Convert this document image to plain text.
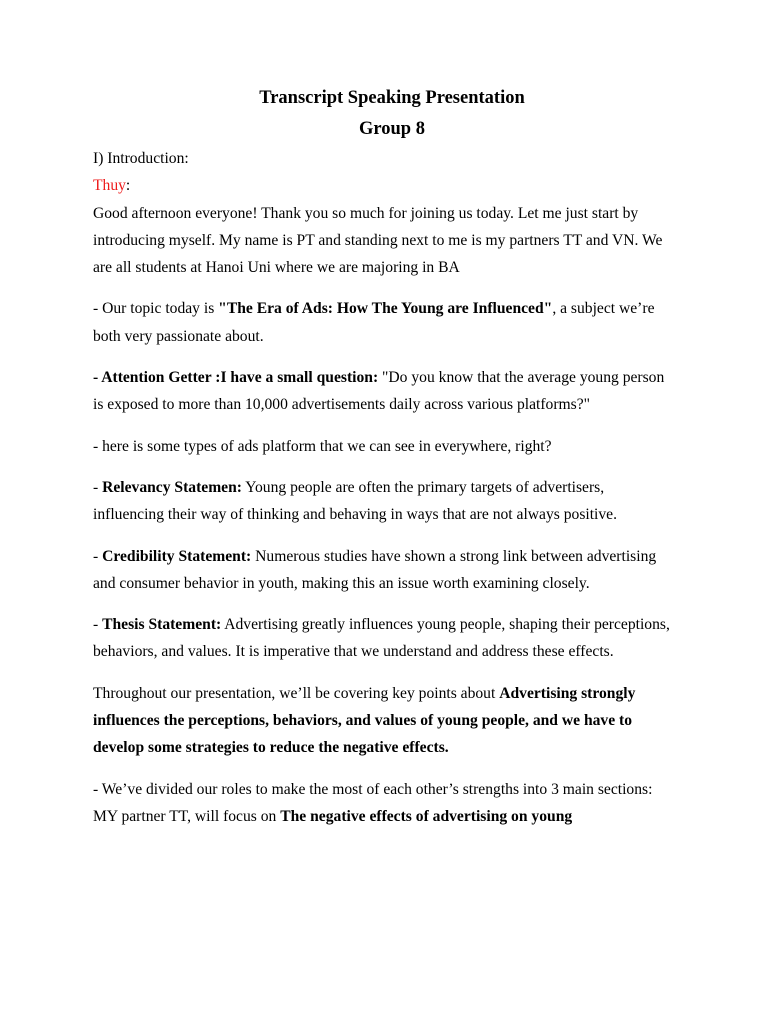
Transcript Speaking Presentation
Group 8

I) Introduction:

Thuy:

Good afternoon everyone! Thank you so much for joining us today. Let me just start by introducing myself. My name is PT and standing next to me is my partners TT and VN. We are all students at Hanoi Uni where we are majoring in BA

- Our topic today is "The Era of Ads: How The Young are Influenced", a subject we’re both very passionate about.

- Attention Getter :I have a small question: "Do you know that the average young person is exposed to more than 10,000 advertisements daily across various platforms?"

- here is some types of ads platform that we can see in everywhere, right?

- Relevancy Statemen: Young people are often the primary targets of advertisers, influencing their way of thinking and behaving in ways that are not always positive.

- Credibility Statement: Numerous studies have shown a strong link between advertising and consumer behavior in youth, making this an issue worth examining closely.

- Thesis Statement: Advertising greatly influences young people, shaping their perceptions, behaviors, and values. It is imperative that we understand and address these effects.

Throughout our presentation, we’ll be covering key points about Advertising strongly influences the perceptions, behaviors, and values of young people, and we have to develop some strategies to reduce the negative effects.

- We’ve divided our roles to make the most of each other’s strengths into 3 main sections: MY partner TT, will focus on The negative effects of advertising on young
